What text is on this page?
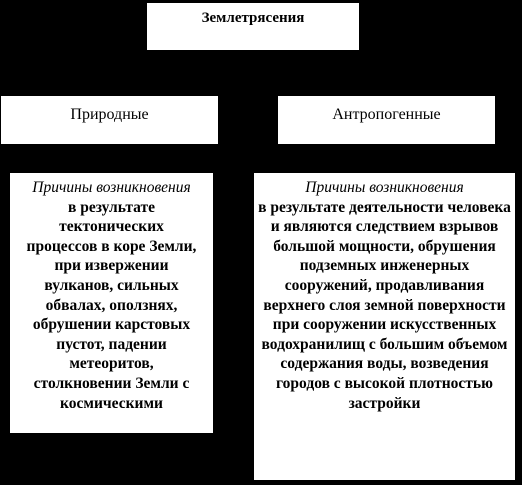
Землетрясения
Природные	Антропогенные
Причины возникновения
в результате тектонических процессов в коре Земли, при извержении вулканов, сильных обвалах, оползнях, обрушении карстовых пустот, падении метеоритов, столкновении Земли с космическими
Причины возникновения
в результате деятельности человека и являются следствием взрывов большой мощности, обрушения подземных инженерных сооружений, продавливания верхнего слоя земной поверхности при сооружении искусственных водохранилищ с большим объемом содержания воды, возведения городов с высокой плотностью застройки
